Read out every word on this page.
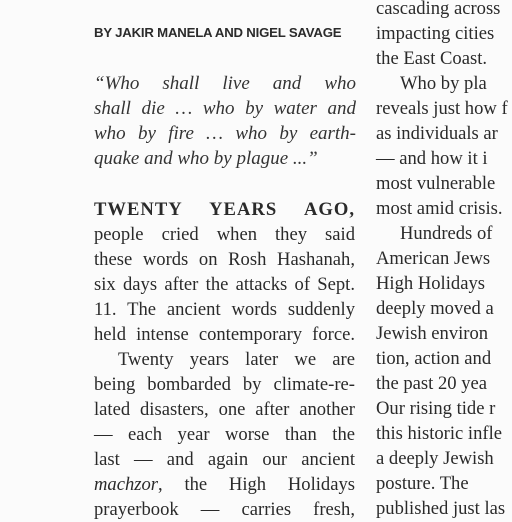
BY JAKIR MANELA AND NIGEL SAVAGE
“Who shall live and who
shall die … who by water and
who by fire … who by earth-
quake and who by plague ...”
TWENTY YEARS AGO,
people cried when they said
these words on Rosh Hashanah,
six days after the attacks of Sept.
11. The ancient words suddenly
held intense contemporary force.
Twenty years later we are
being bombarded by climate-re-
lated disasters, one after another
— each year worse than the
last — and again our ancient
machzor, the High Holidays
prayerbook — carries fresh,
cascading across
impacting cities
the East Coast.
Who by pla
reveals just how f
as individuals ar
— and how it i
most vulnerable
most amid crisis.
Hundreds of
American Jews
High Holidays
deeply moved a
Jewish environ
tion, action and
the past 20 yea
Our rising tide r
this historic infle
a deeply Jewish
posture. The
published just las
